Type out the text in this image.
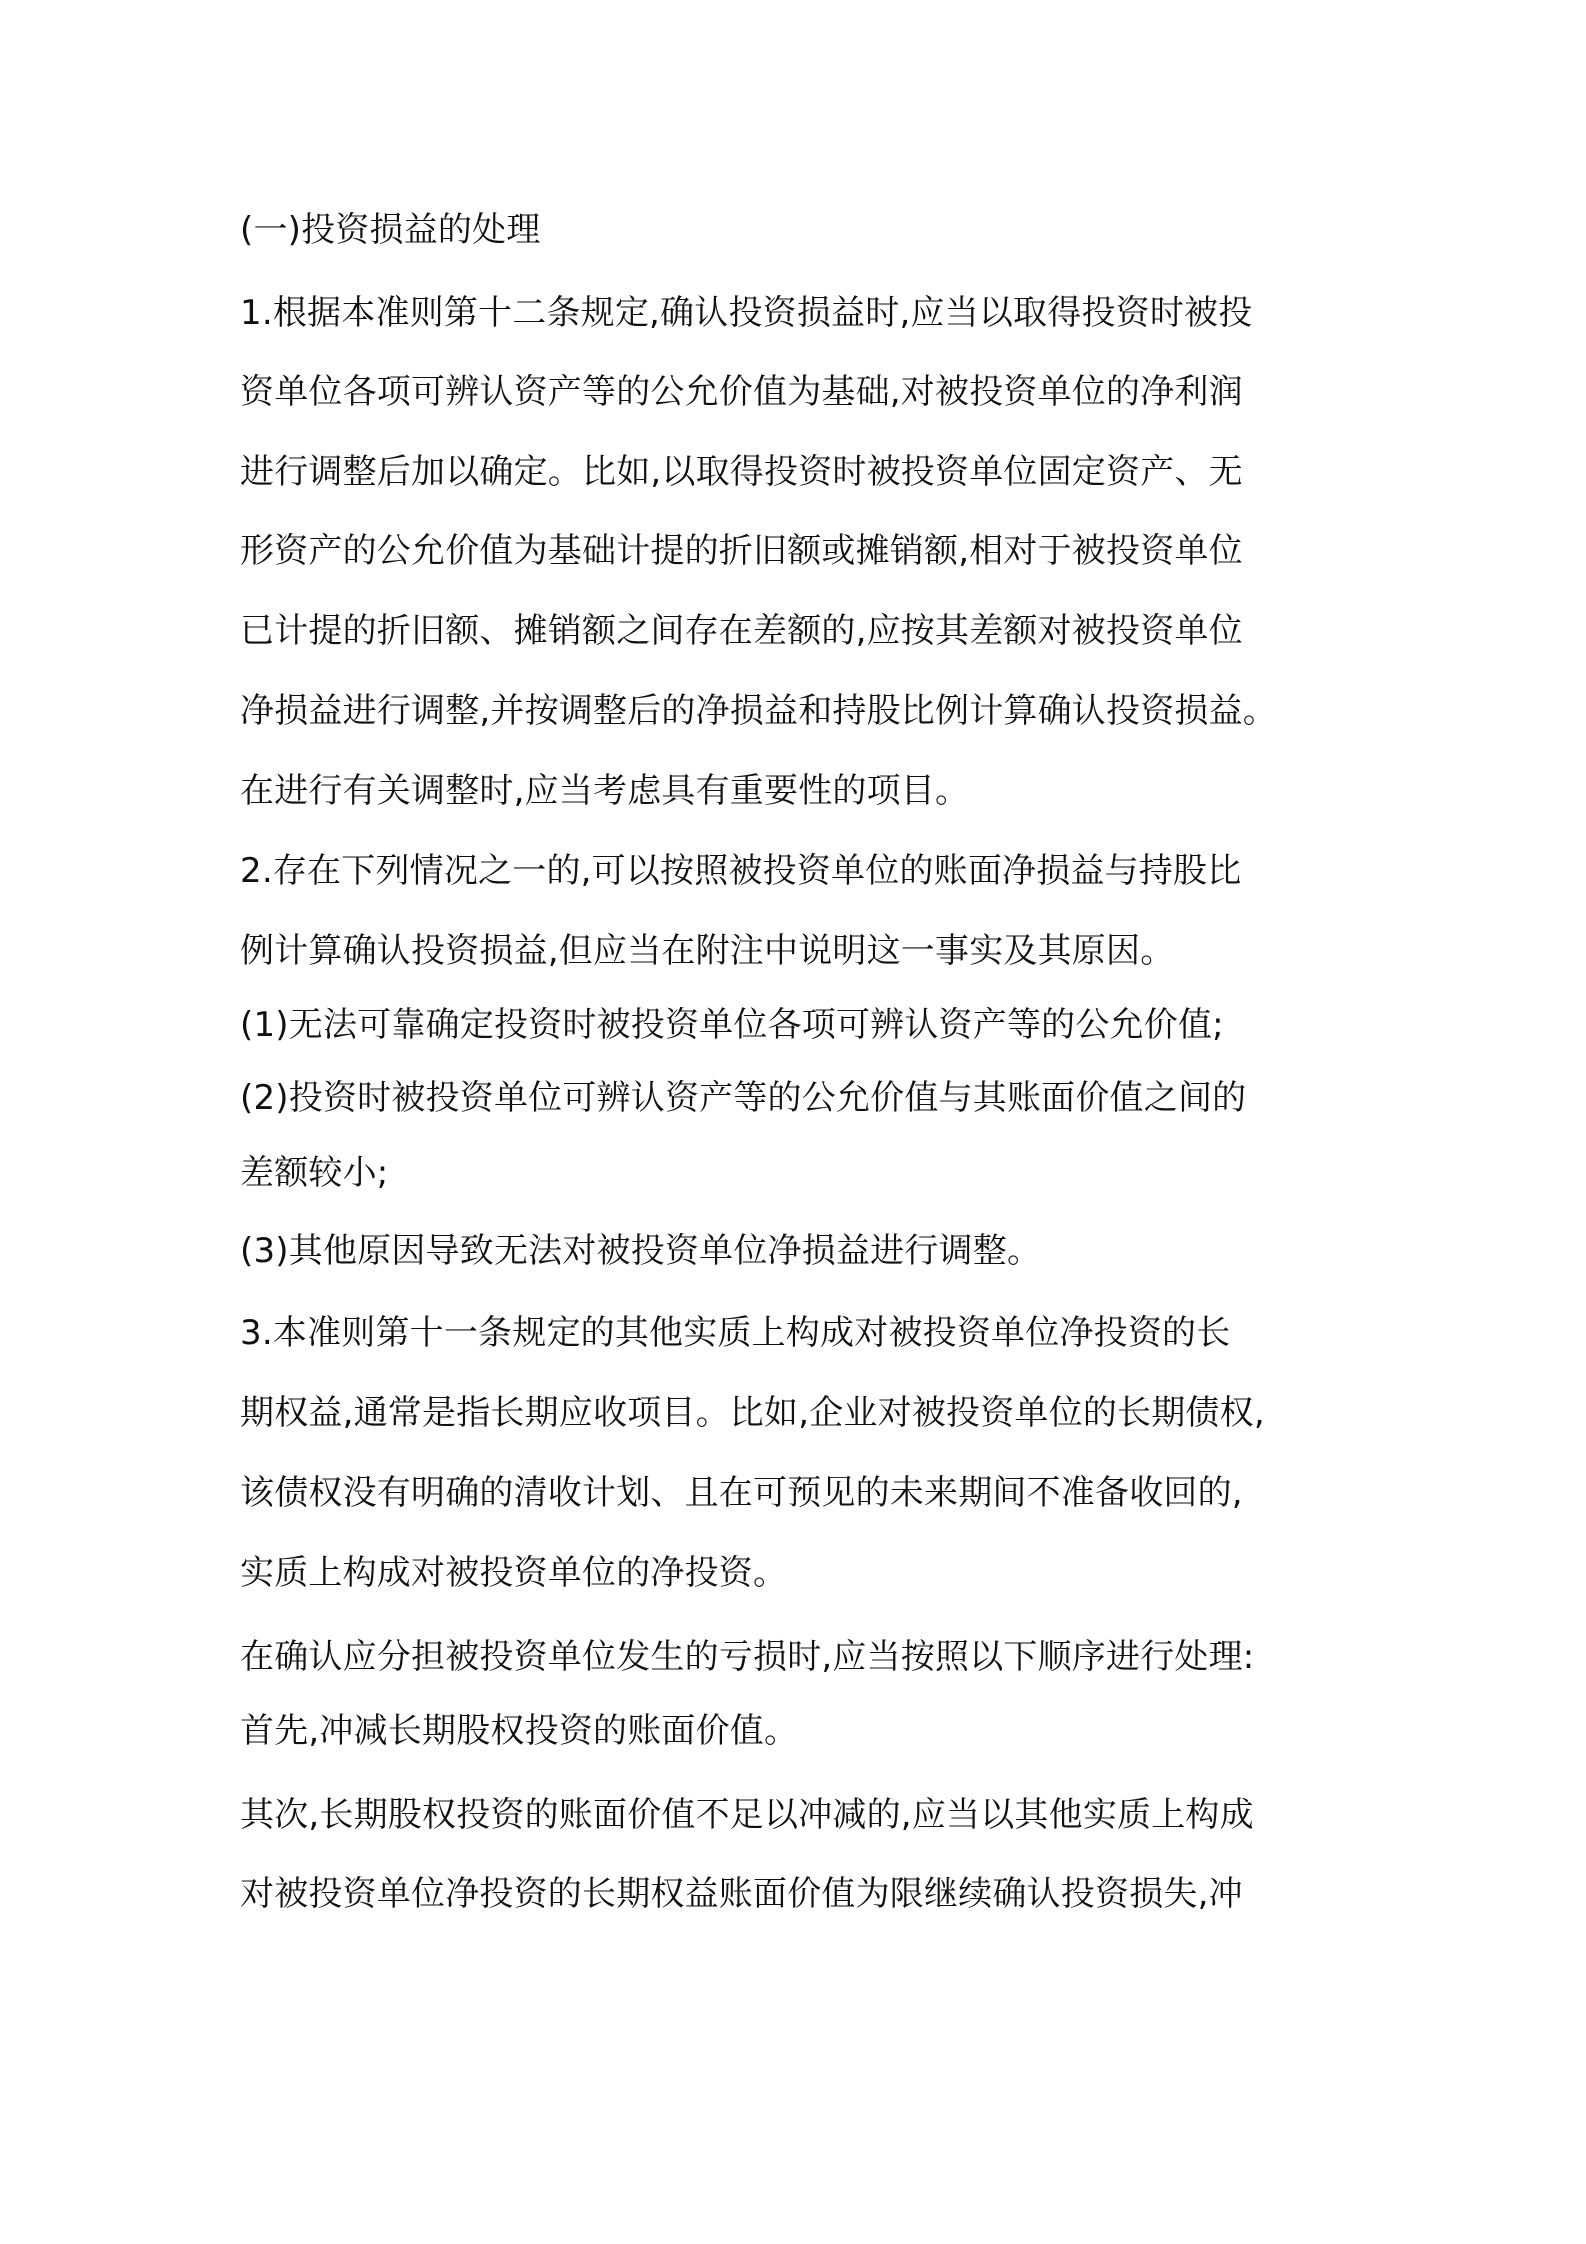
(一)投资损益的处理

1.根据本准则第十二条规定,确认投资损益时,应当以取得投资时被投

资单位各项可辨认资产等的公允价值为基础,对被投资单位的净利润

进行调整后加以确定。比如,以取得投资时被投资单位固定资产、无

形资产的公允价值为基础计提的折旧额或摊销额,相对于被投资单位

已计提的折旧额、摊销额之间存在差额的,应按其差额对被投资单位

净损益进行调整,并按调整后的净损益和持股比例计算确认投资损益。

在进行有关调整时,应当考虑具有重要性的项目。

2.存在下列情况之一的,可以按照被投资单位的账面净损益与持股比

例计算确认投资损益,但应当在附注中说明这一事实及其原因。

(1)无法可靠确定投资时被投资单位各项可辨认资产等的公允价值;

(2)投资时被投资单位可辨认资产等的公允价值与其账面价值之间的

差额较小;

(3)其他原因导致无法对被投资单位净损益进行调整。

3.本准则第十一条规定的其他实质上构成对被投资单位净投资的长

期权益,通常是指长期应收项目。比如,企业对被投资单位的长期债权,

该债权没有明确的清收计划、且在可预见的未来期间不准备收回的,

实质上构成对被投资单位的净投资。

在确认应分担被投资单位发生的亏损时,应当按照以下顺序进行处理:

首先,冲减长期股权投资的账面价值。

其次,长期股权投资的账面价值不足以冲减的,应当以其他实质上构成

对被投资单位净投资的长期权益账面价值为限继续确认投资损失,冲
